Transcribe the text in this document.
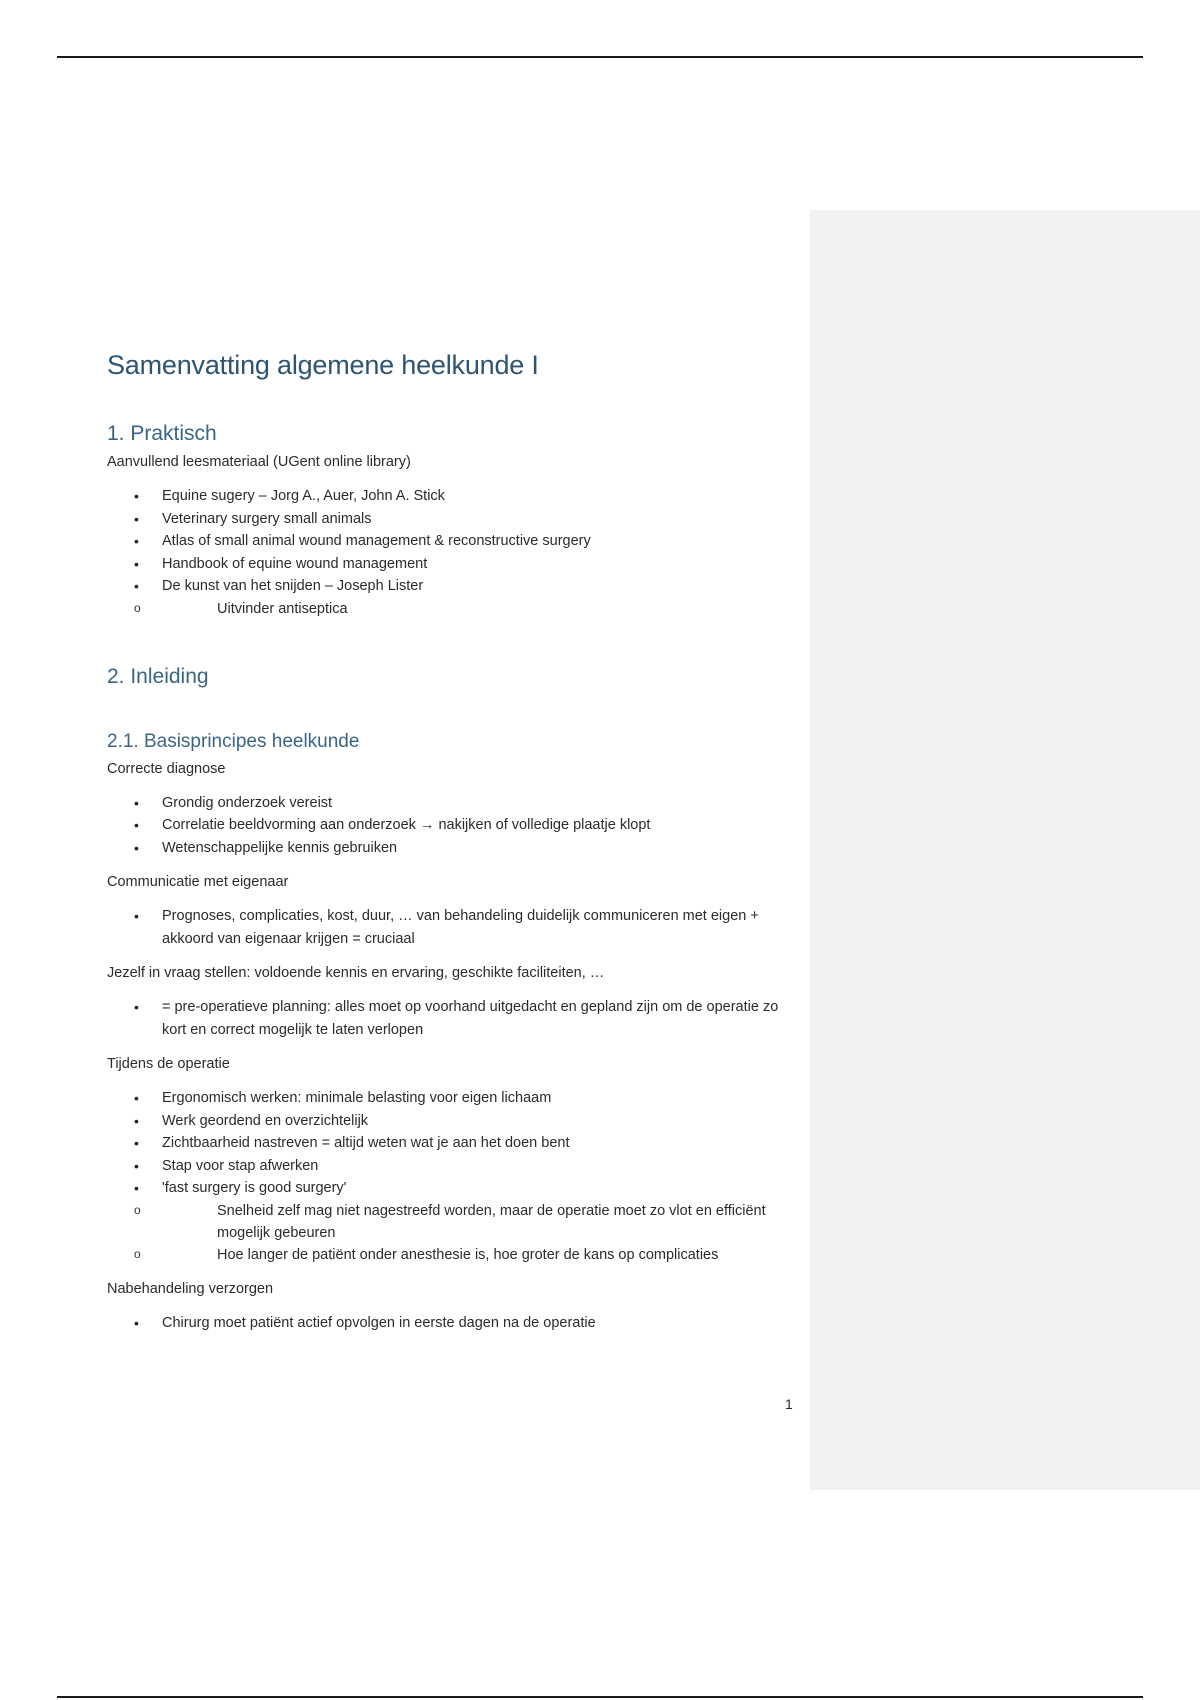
Samenvatting algemene heelkunde I
1. Praktisch

Aanvullend leesmateriaal (UGent online library)

• Equine sugery – Jorg A., Auer, John A. Stick
• Veterinary surgery small animals
• Atlas of small animal wound management & reconstructive surgery
• Handbook of equine wound management
• De kunst van het snijden – Joseph Lister
o Uitvinder antiseptica
2. Inleiding
2.1. Basisprincipes heelkunde

Correcte diagnose

• Grondig onderzoek vereist
• Correlatie beeldvorming aan onderzoek → nakijken of volledige plaatje klopt
• Wetenschappelijke kennis gebruiken

Communicatie met eigenaar

• Prognoses, complicaties, kost, duur, … van behandeling duidelijk communiceren met eigen + akkoord van eigenaar krijgen = cruciaal

Jezelf in vraag stellen: voldoende kennis en ervaring, geschikte faciliteiten, …

• = pre-operatieve planning: alles moet op voorhand uitgedacht en gepland zijn om de operatie zo kort en correct mogelijk te laten verlopen

Tijdens de operatie

• Ergonomisch werken: minimale belasting voor eigen lichaam
• Werk geordend en overzichtelijk
• Zichtbaarheid nastreven = altijd weten wat je aan het doen bent
• Stap voor stap afwerken
• 'fast surgery is good surgery'
o Snelheid zelf mag niet nagestreefd worden, maar de operatie moet zo vlot en efficiënt mogelijk gebeuren
o Hoe langer de patiënt onder anesthesie is, hoe groter de kans op complicaties

Nabehandeling verzorgen

• Chirurg moet patiënt actief opvolgen in eerste dagen na de operatie
1
